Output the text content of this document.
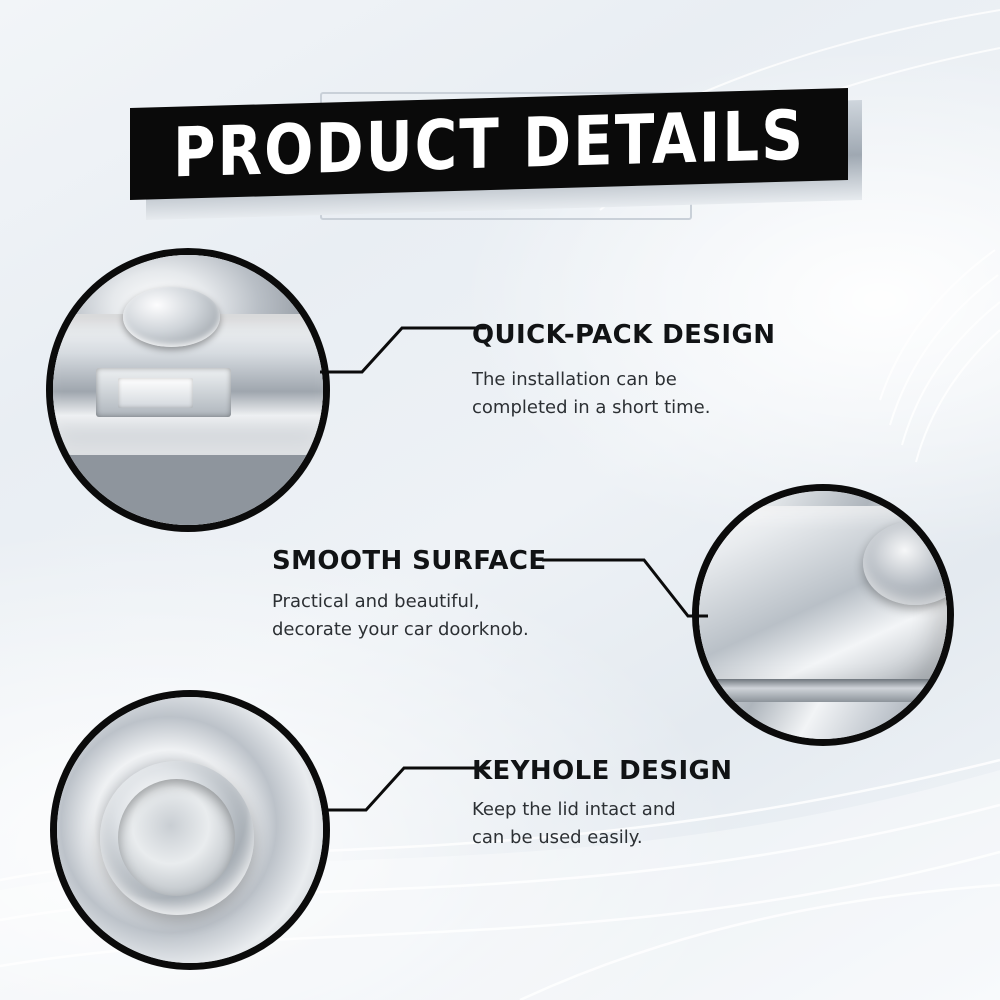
PRODUCT DETAILS
QUICK-PACK DESIGN
The installation can be
completed in a short time.
SMOOTH SURFACE
Practical and beautiful,
decorate your car doorknob.
KEYHOLE DESIGN
Keep the lid intact and
can be used easily.
